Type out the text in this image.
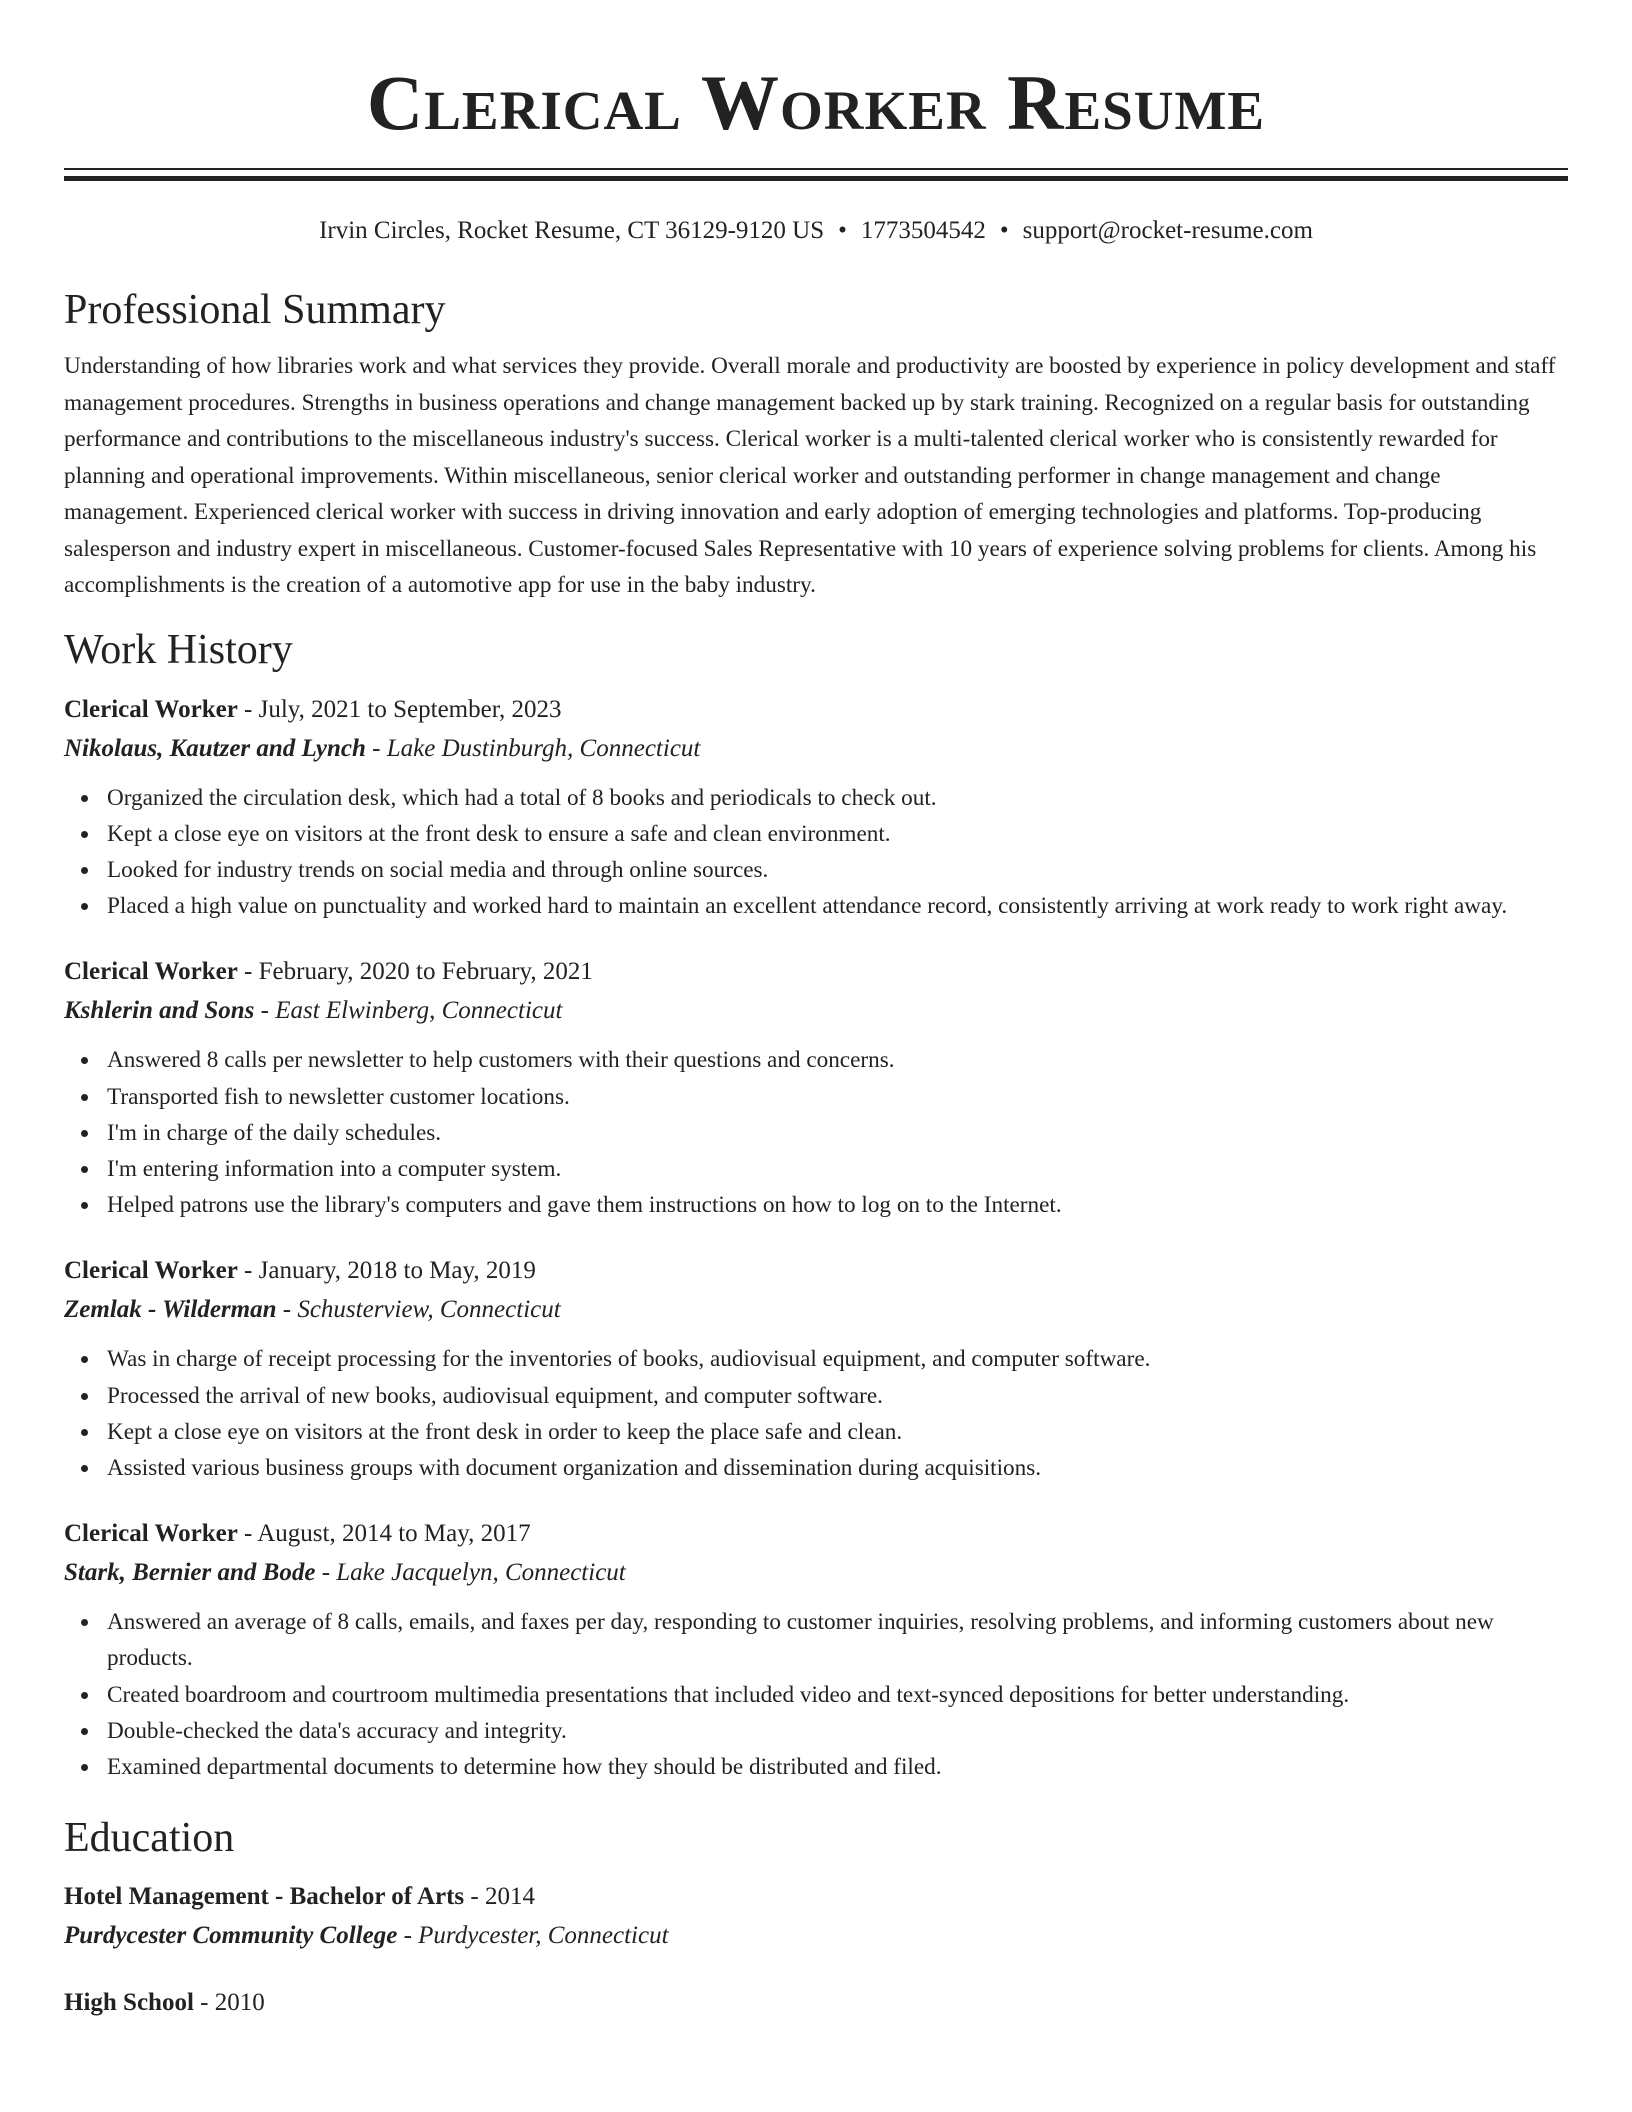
Clerical Worker Resume
Irvin Circles, Rocket Resume, CT 36129-9120 US • 1773504542 • support@rocket-resume.com
Professional Summary

Understanding of how libraries work and what services they provide. Overall morale and productivity are boosted by experience in policy development and staff management procedures. Strengths in business operations and change management backed up by stark training. Recognized on a regular basis for outstanding performance and contributions to the miscellaneous industry's success. Clerical worker is a multi-talented clerical worker who is consistently rewarded for planning and operational improvements. Within miscellaneous, senior clerical worker and outstanding performer in change management and change management. Experienced clerical worker with success in driving innovation and early adoption of emerging technologies and platforms. Top-producing salesperson and industry expert in miscellaneous. Customer-focused Sales Representative with 10 years of experience solving problems for clients. Among his accomplishments is the creation of a automotive app for use in the baby industry.

Work History
Clerical Worker - July, 2021 to September, 2023
Nikolaus, Kautzer and Lynch - Lake Dustinburgh, Connecticut
Organized the circulation desk, which had a total of 8 books and periodicals to check out.
Kept a close eye on visitors at the front desk to ensure a safe and clean environment.
Looked for industry trends on social media and through online sources.
Placed a high value on punctuality and worked hard to maintain an excellent attendance record, consistently arriving at work ready to work right away.
Clerical Worker - February, 2020 to February, 2021
Kshlerin and Sons - East Elwinberg, Connecticut
Answered 8 calls per newsletter to help customers with their questions and concerns.
Transported fish to newsletter customer locations.
I'm in charge of the daily schedules.
I'm entering information into a computer system.
Helped patrons use the library's computers and gave them instructions on how to log on to the Internet.
Clerical Worker - January, 2018 to May, 2019
Zemlak - Wilderman - Schusterview, Connecticut
Was in charge of receipt processing for the inventories of books, audiovisual equipment, and computer software.
Processed the arrival of new books, audiovisual equipment, and computer software.
Kept a close eye on visitors at the front desk in order to keep the place safe and clean.
Assisted various business groups with document organization and dissemination during acquisitions.
Clerical Worker - August, 2014 to May, 2017
Stark, Bernier and Bode - Lake Jacquelyn, Connecticut
Answered an average of 8 calls, emails, and faxes per day, responding to customer inquiries, resolving problems, and informing customers about new products.
Created boardroom and courtroom multimedia presentations that included video and text-synced depositions for better understanding.
Double-checked the data's accuracy and integrity.
Examined departmental documents to determine how they should be distributed and filed.
Education
Hotel Management - Bachelor of Arts - 2014
Purdycester Community College - Purdycester, Connecticut
High School - 2010
